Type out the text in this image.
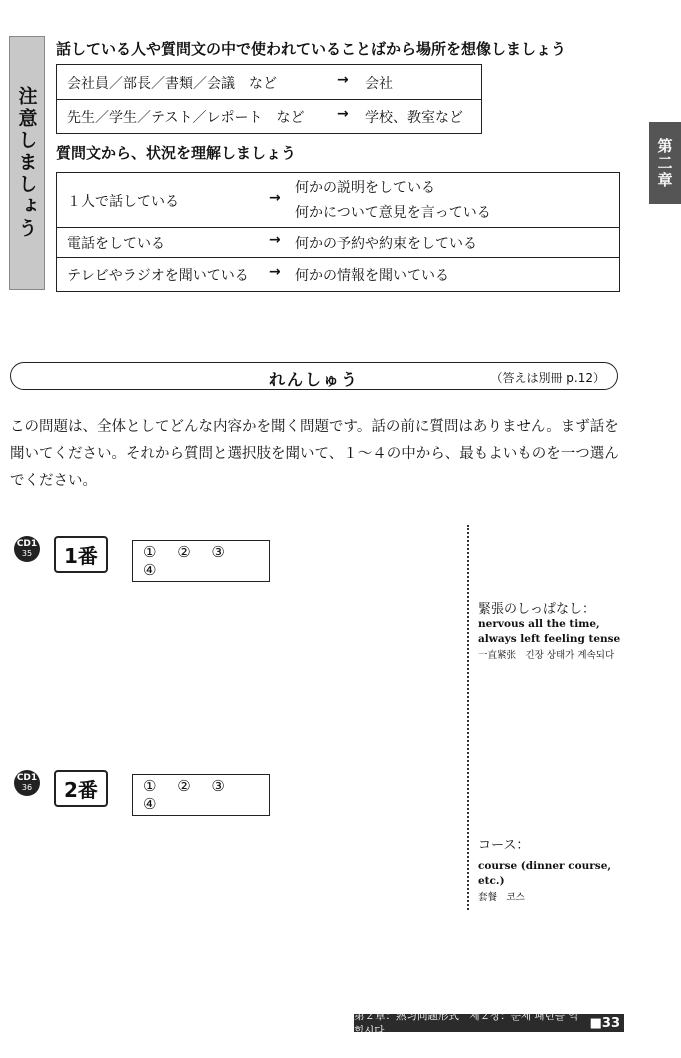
注意しましょう	第二章
話している人や質問文の中で使われていることばから場所を想像しましょう
会社員／部長／書類／会議　など	→ 会社
先生／学生／テスト／レポート　など → 学校、教室など
質問文から、状況を理解しましょう
１人で話している	→
何かの説明をしている
何かについて意見を言っている
電話をしている	→ 何かの予約や約束をしている
テレビやラジオを聞いている → 何かの情報を聞いている
れんしゅう	（答えは別冊 p.12）
この問題は、全体としてどんな内容かを聞く問題です。話の前に質問はありません。まず話を聞いてください。それから質問と選択肢を聞いて、１〜４の中から、最もよいものを一つ選んでください。
CD1
35	1番	① ② ③ ④
CD1
36	2番	① ② ③ ④
緊張のしっぱなし：
nervous all the time, always left feeling tense
一直紧张　긴장 상태가 계속되다
コース：
course (dinner course, etc.)
套餐　코스
第２章：熟习问题形式　제２장：문제 패턴을 익힙시다
■33
